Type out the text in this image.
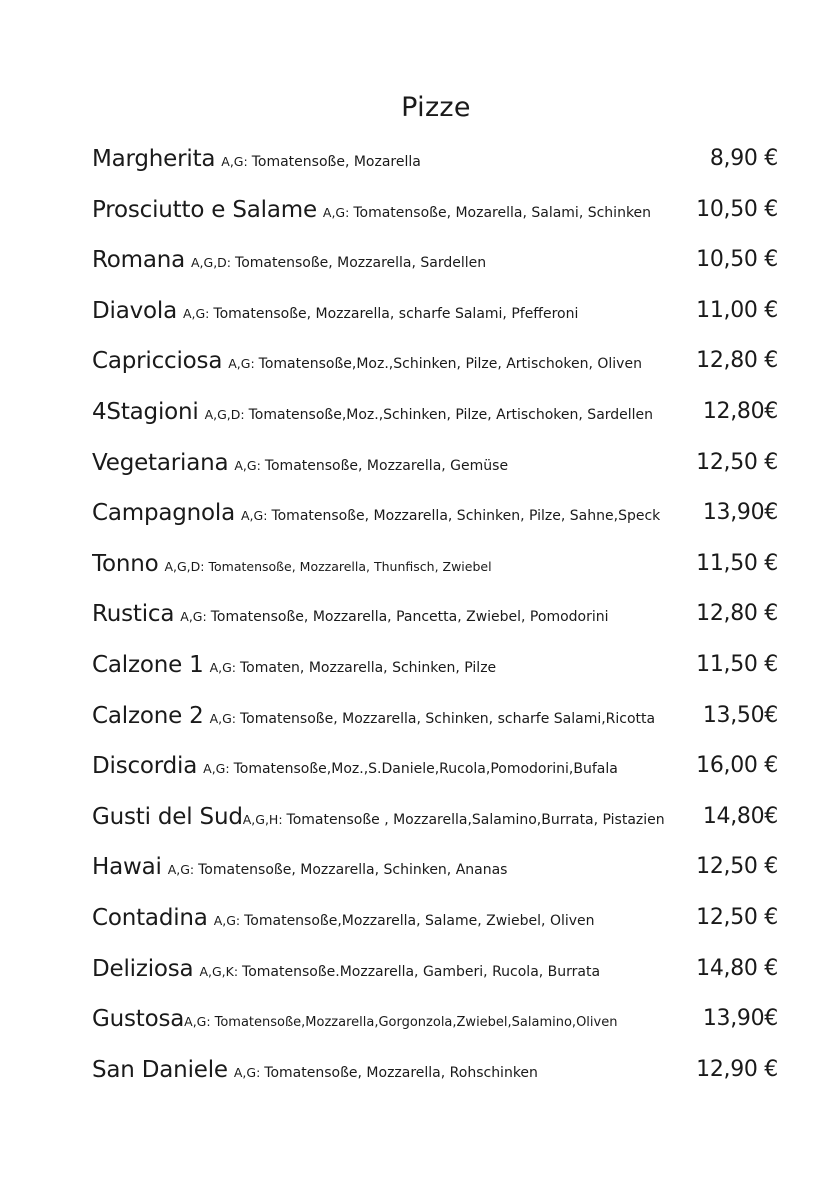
Pizze
Margherita A,G: Tomatensoße, Mozarella	8,90 €
Prosciutto e Salame A,G: Tomatensoße, Mozarella, Salami, Schinken 10,50 €
Romana A,G,D: Tomatensoße, Mozzarella, Sardellen	10,50 €
Diavola A,G: Tomatensoße, Mozzarella, scharfe Salami, Pfefferoni	11,00 €
Capricciosa A,G: Tomatensoße,Moz.,Schinken, Pilze, Artischoken, Oliven 12,80 €
4Stagioni A,G,D: Tomatensoße,Moz.,Schinken, Pilze, Artischoken, Sardellen 12,80€
Vegetariana A,G: Tomatensoße, Mozzarella, Gemüse	12,50 €
Campagnola A,G: Tomatensoße, Mozzarella, Schinken, Pilze, Sahne,Speck 13,90€
Tonno A,G,D: Tomatensoße, Mozzarella, Thunfisch, Zwiebel	11,50 €
Rustica A,G: Tomatensoße, Mozzarella, Pancetta, Zwiebel, Pomodorini	12,80 €
Calzone 1 A,G: Tomaten, Mozzarella, Schinken, Pilze	11,50 €
Calzone 2 A,G: Tomatensoße, Mozzarella, Schinken, scharfe Salami,Ricotta 13,50€
Discordia A,G: Tomatensoße,Moz.,S.Daniele,Rucola,Pomodorini,Bufala	16,00 €
Gusti del Sud A,G,H: Tomatensoße , Mozzarella,Salamino,Burrata, Pistazien 14,80€
Hawai A,G: Tomatensoße, Mozzarella, Schinken, Ananas	12,50 €
Contadina A,G: Tomatensoße,Mozzarella, Salame, Zwiebel, Oliven	12,50 €
Deliziosa A,G,K: Tomatensoße.Mozzarella, Gamberi, Rucola, Burrata	14,80 €
Gustosa A,G: Tomatensoße,Mozzarella,Gorgonzola,Zwiebel,Salamino,Oliven	13,90€
San Daniele A,G: Tomatensoße, Mozzarella, Rohschinken	12,90 €
